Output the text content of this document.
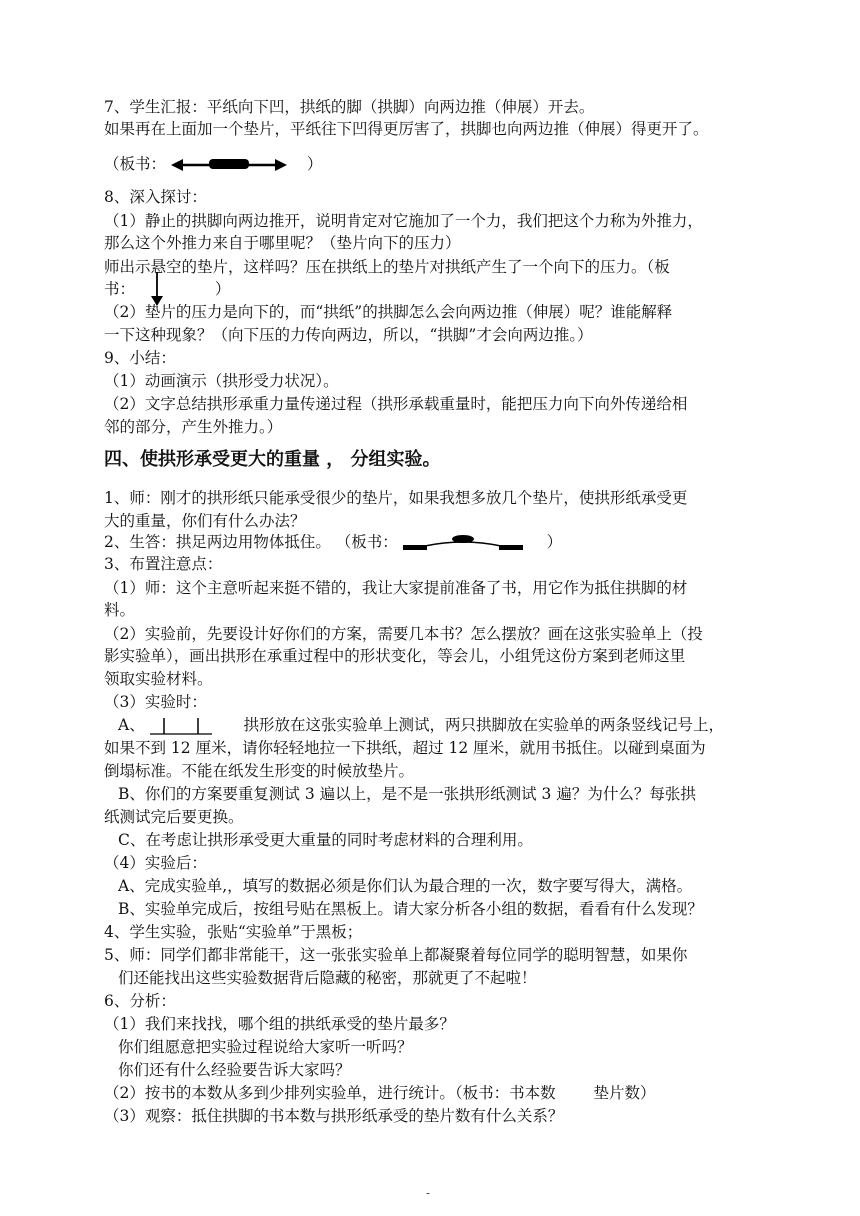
7、学生汇报：平纸向下凹，拱纸的脚（拱脚）向两边推（伸展）开去。
如果再在上面加一个垫片，平纸往下凹得更厉害了，拱脚也向两边推（伸展）得更开了。
（板书：	）
8、深入探讨：
（1）静止的拱脚向两边推开，说明肯定对它施加了一个力，我们把这个力称为外推力，
那么这个外推力来自于哪里呢？（垫片向下的压力）
师出示悬空的垫片，这样吗？压在拱纸上的垫片对拱纸产生了一个向下的压力。（板
书：	）
（2）垫片的压力是向下的，而“拱纸”的拱脚怎么会向两边推（伸展）呢？谁能解释
一下这种现象？（向下压的力传向两边，所以，“拱脚”才会向两边推。）
9、小结：
（1）动画演示（拱形受力状况）。
（2）文字总结拱形承重力量传递过程（拱形承载重量时，能把压力向下向外传递给相
邻的部分，产生外推力。）
四、使拱形承受更大的重量 ， 分组实验。
1、师：刚才的拱形纸只能承受很少的垫片，如果我想多放几个垫片，使拱形纸承受更
大的重量，你们有什么办法？
2、生答：拱足两边用物体抵住。 （板书：	）
3、布置注意点：
（1）师：这个主意听起来挺不错的，我让大家提前准备了书，用它作为抵住拱脚的材
料。
（2）实验前，先要设计好你们的方案，需要几本书？怎么摆放？画在这张实验单上（投
影实验单），画出拱形在承重过程中的形状变化，等会儿，小组凭这份方案到老师这里
领取实验材料。
（3）实验时：
A、	拱形放在这张实验单上测试，两只拱脚放在实验单的两条竖线记号上，
如果不到 12 厘米，请你轻轻地拉一下拱纸，超过 12 厘米，就用书抵住。以碰到桌面为
倒塌标准。不能在纸发生形变的时候放垫片。
B、你们的方案要重复测试 3 遍以上，是不是一张拱形纸测试 3 遍？为什么？每张拱
纸测试完后要更换。
C、在考虑让拱形承受更大重量的同时考虑材料的合理利用。
（4）实验后：
A、完成实验单,，填写的数据必须是你们认为最合理的一次，数字要写得大，满格。
B、实验单完成后，按组号贴在黑板上。请大家分析各小组的数据，看看有什么发现？
4、学生实验，张贴“实验单”于黑板；
5、师：同学们都非常能干，这一张张实验单上都凝聚着每位同学的聪明智慧，如果你
们还能找出这些实验数据背后隐藏的秘密，那就更了不起啦！
6、分析：
（1）我们来找找，哪个组的拱纸承受的垫片最多？
你们组愿意把实验过程说给大家听一听吗？
你们还有什么经验要告诉大家吗？
（2）按书的本数从多到少排列实验单，进行统计。（板书：书本数 垫片数）
（3）观察：抵住拱脚的书本数与拱形纸承受的垫片数有什么关系？
-
